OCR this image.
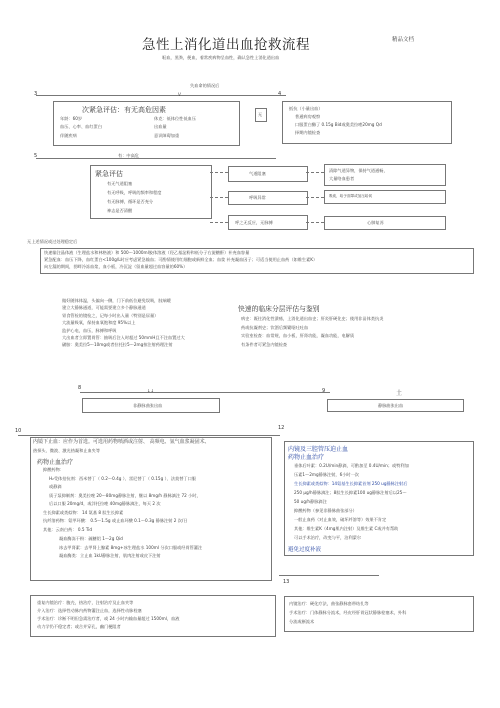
急性上消化道出血抢救流程	精品文档
呕血，黑粪，便血，着常疾病物呈血性，确认急性上消化道出血
失血命的情况后
3	4
V
次紧急评估：有无高危因素
年龄：60岁
血压、心率、血红蛋白
伴随疾病
休克：低体位性低血压
出血量
意识障碍加重
无
抵抗（小量出血）
普通病房观察
口服蛋白酶了 0.15g Bid或奥美拉唑20mg Qd
择期内镜检查
5	有：中高危
紧急评估
有无气道阻塞
有无呼吸，呼吸的频率和程度
有无脉搏，循环是否充分
神志是否清醒
气道阻塞
呼吸异常
呼之无反应，无脉搏
清除气道异物，保持气道通畅，
大量咯血患者
吸痰，给予面罩或加压给氧
心肺复苏
无上述情况或过处理稳定后
快速输注晶体液（生理盐水和林格液）和 500～1000ml胶体溶液（羟乙基淀粉和低分子右旋糖酐）补充血容量
紧急配血：血压下降，血红蛋白<100g/L时应考虑紧急输血；可酌情使用红细胞或新鲜全血；血浆 补充凝血因子；可适当使用止血药（如维生素K）
向左漏的期间，拐畔冷冻血浆，血小板，冷沉淀（留血量超过血容量的60%）
做好随体体温，头偏向一侧，门下前低位避免误吸，肢端暖
建立大静脉通道，可能需要建立多个静脉通道
胃食管检的镜检之，记每小时出入量（特别是尿量）
大流量吸氧，保持血氧饱和度 95%以上
监护心电，血压，脉搏和呼吸
大出血者立即置胃管：抽吸后注入时超过 50mmH且不注血置过大
磺胺：奥美拉5～10mg或者拉托拉5～2mg按注射药理注射
快速的临床分层评估与鉴别
病史：既往消化性溃疡，上消化道出血史；肝炎肝硬化史；使用非甾体类抗炎
药或抗凝剂史；饮酒后频繁呕吐吐血
实验室检查：血常规，血小板，肝肾功能，凝血功能，电解质
有条件者可紧急内镜检查
8	↓↓	9	土
非静脉曲张出血	静脉曲张出血
10	12
内镜下止血：应作为首选。可选用药物喷洒或注射、 高频电、氩气血浆凝固术、
热探头、微波、激光热凝和止血夹等
药物止血治疗
抑酸药物：
H₂受体拮抗剂：西米替丁（ 0.2～0.4g ）、雷尼替丁（ 0.15g ）、法莫替丁口服
或静滴
质子泵抑制剂：奥美拉唑 20～80mg静脉注射，继以 8mg/h 静脉滴注 72 小时，
后以口服 20mg/d，或泮托拉唑 40mg静脉滴注，每天 2 次
生长抑素或类似物： 14 氨基 8 肽生长抑素
抗纤溶药物：氨甲环酸： 0.5～1.5g 或止血环酸 0.1～0.3g 静脉注射 2 次/日
其他：云南白药： 0.5 Tid
凝血酶冻干粉：硫糖铝 1～2g Qid
冰去甲肾素：去甲肾上腺素 8mg+冰生理盐水 100ml 分次口服或经胃管灌注
凝血酶类：立止血 1kU静脉注射，肌肉注射或皮下注射
内镜及三腔管压迫止血
药物止血治疗
垂体后叶素：0.2U/min静滴，可酌加至 0.4U/min；或特利加
压素1～2mg静脉注射，6小时一次
生长抑素或类似物：14氨基生长抑素首剂 250 ug静脉注射后
250 μg/h静脉滴注；8肽生长抑素100 ug静脉注射后以25～
50 ug/h静脉滴注
抑酸药物（参见非静脉曲张部分）
一般止血药（对止血效，破坏纤溶等）效果不肯定
其他：维生素K（4mg肌内注射）及维生素 C或并有帮助
可以手术治疗，改变与平，泊利蒙尔
避免过度补液
13
重复内镜治疗：腹壳，热治疗，注射治疗及止血夹等
介入治疗：选择性动脉内药物灌注止血，选择性动脉栓塞
手术治疗：诊断不明但急需治疗者，或 24 小时内输血量超过 1500ml，血液
动力学仍不稳定者；或合并穿孔，幽门梗阻者
内镜治疗：硬化疗法，曲张静脉套带结扎等
手术治疗：门体静脉分流术，经皮经肝胃冠状静脉栓塞术，外科
分流或断流术
